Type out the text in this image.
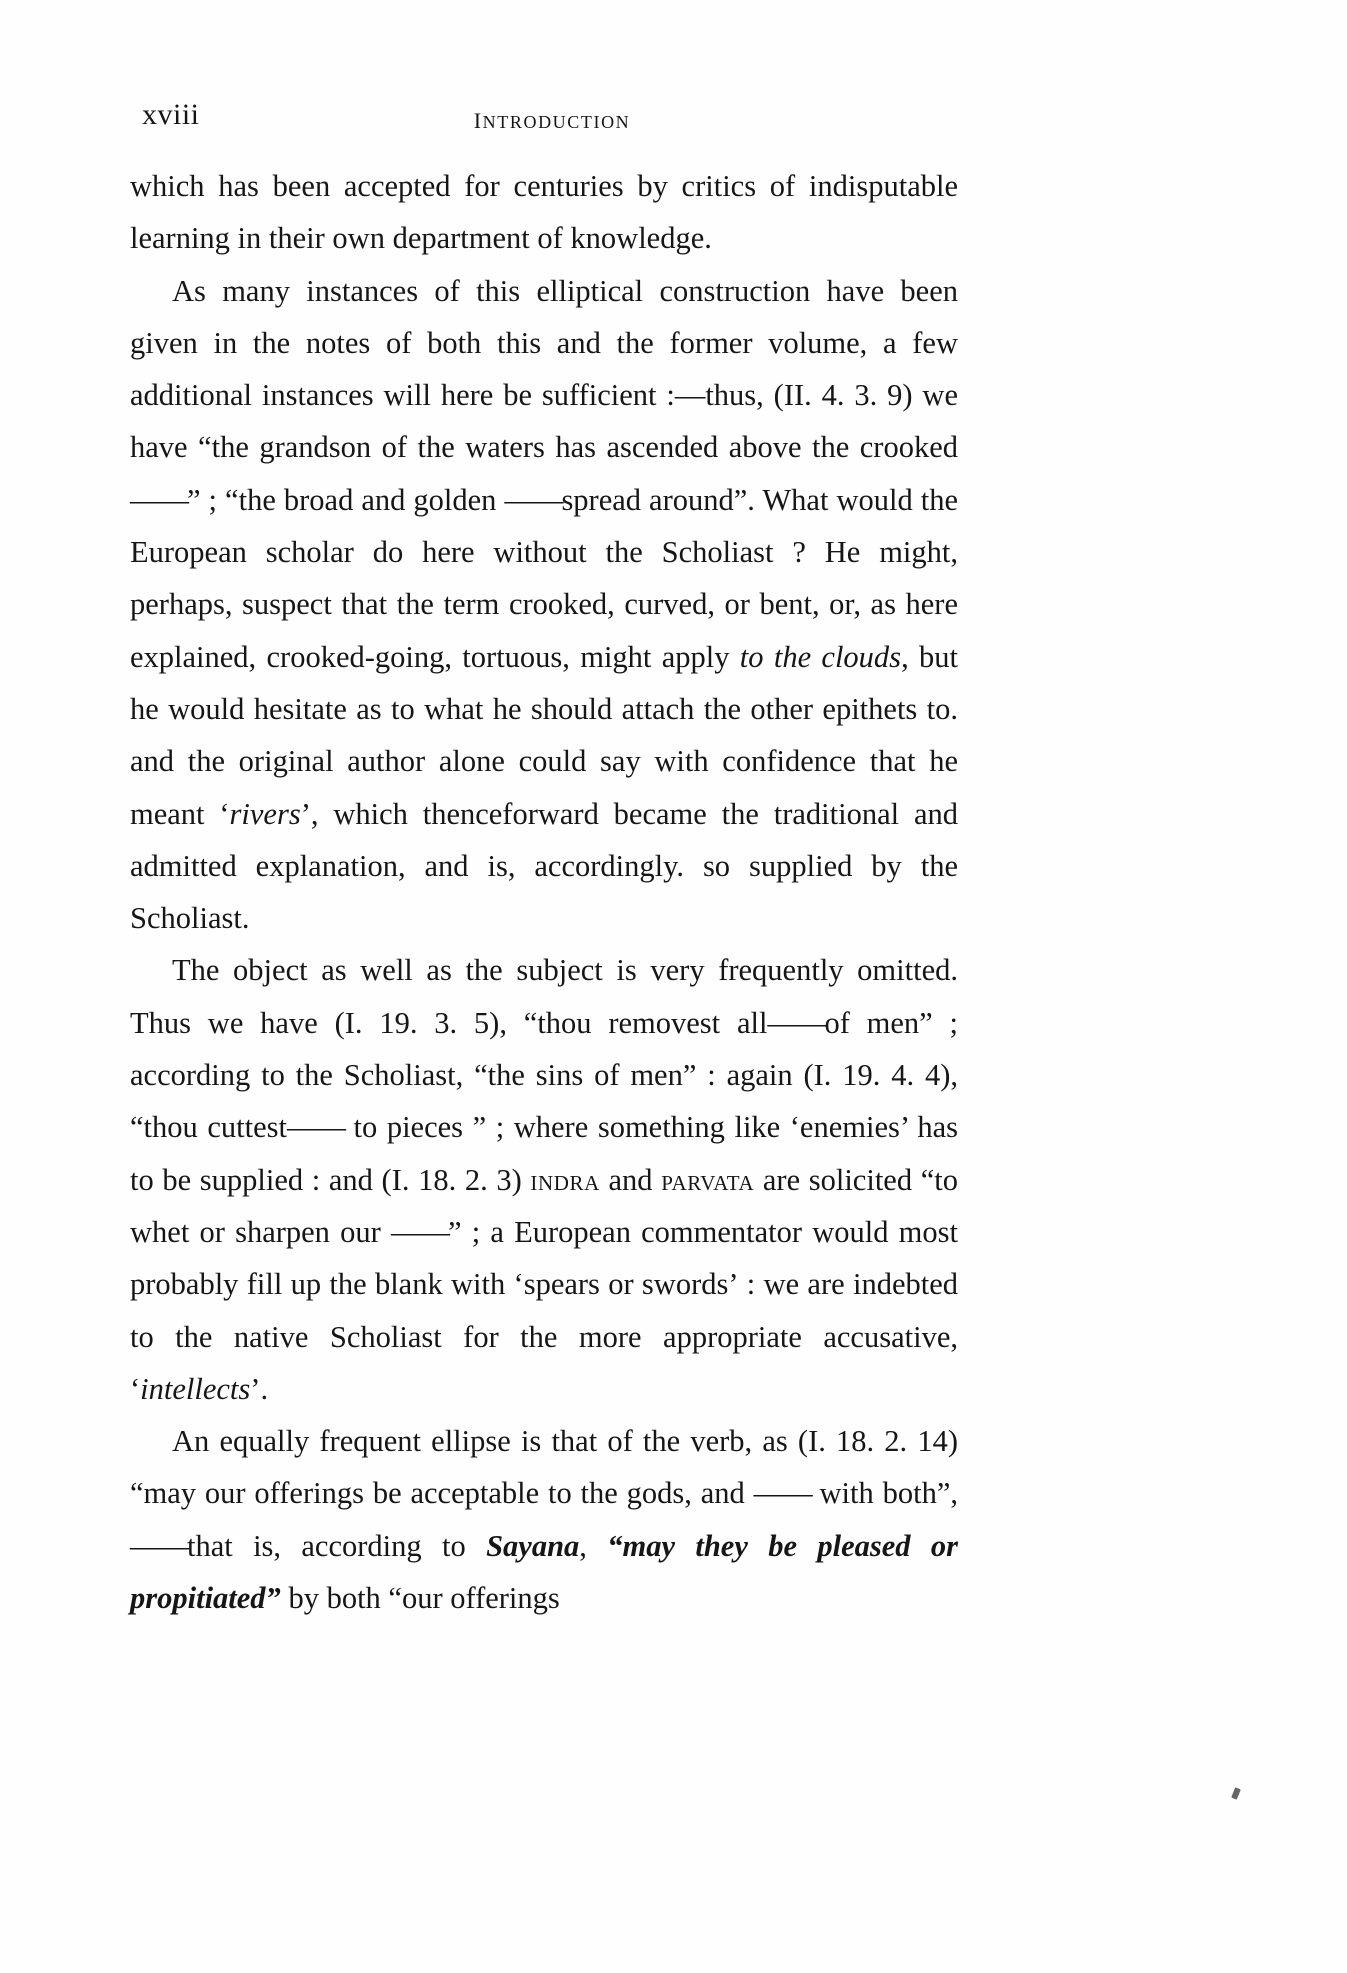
xviii	introduction

which has been accepted for centuries by critics of indisputable learning in their own department of knowledge.

As many instances of this elliptical construction have been given in the notes of both this and the former volume, a few additional instances will here be sufficient :—thus, (II. 4. 3. 9) we have “the grandson of the waters has ascended above the crooked——” ; “the broad and golden ——spread around”. What would the European scholar do here without the Scholiast ? He might, perhaps, suspect that the term crooked, curved, or bent, or, as here explained, crooked-going, tortuous, might apply to the clouds, but he would hesitate as to what he should attach the other epithets to. and the original author alone could say with confidence that he meant ‘rivers’, which thenceforward became the traditional and admitted explanation, and is, accordingly. so supplied by the Scholiast.

The object as well as the subject is very frequently omitted. Thus we have (I. 19. 3. 5), “thou removest all——of men” ; according to the Scholiast, “the sins of men” : again (I. 19. 4. 4), “thou cuttest—— to pieces ” ; where something like ‘enemies’ has to be supplied : and (I. 18. 2. 3) indra and parvata are solicited “to whet or sharpen our ——” ; a European commentator would most probably fill up the blank with ‘spears or swords’ : we are indebted to the native Scholiast for the more appropriate accusative, ‘intellects’.

An equally frequent ellipse is that of the verb, as (I. 18. 2. 14) “may our offerings be acceptable to the gods, and —— with both”, ——that is, according to Sayana, “may they be pleased or propitiated” by both “our offerings
